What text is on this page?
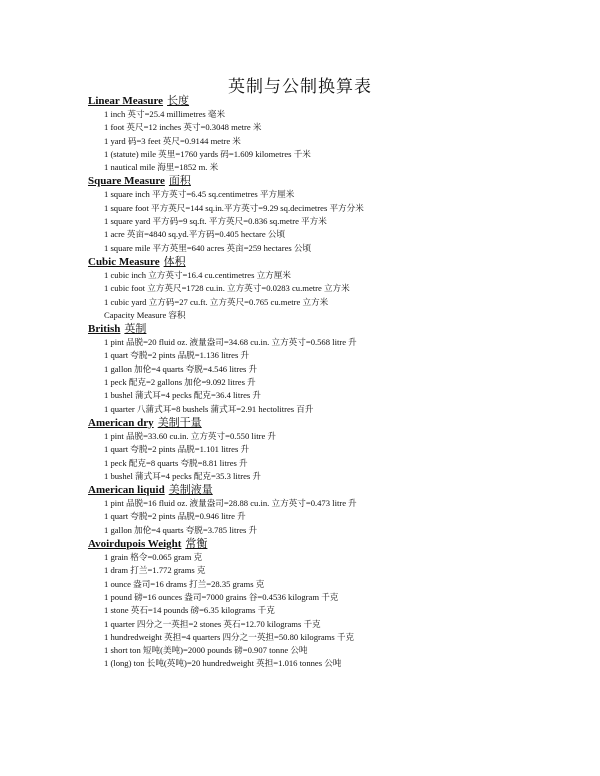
英制与公制换算表
Linear Measure 长度
1 inch 英寸=25.4 millimetres 毫米
1 foot 英尺=12 inches 英寸=0.3048 metre 米
1 yard 码=3 feet 英尺=0.9144 metre 米
1 (statute) mile 英里=1760 yards 码=1.609 kilometres 千米
1 nautical mile 海里=1852 m. 米
Square Measure 面积
1 square inch 平方英寸=6.45 sq.centimetres 平方厘米
1 square foot 平方英尺=144 sq.in.平方英寸=9.29 sq.decimetres 平方分米
1 square yard 平方码=9 sq.ft. 平方英尺=0.836 sq.metre 平方米
1 acre 英亩=4840 sq.yd.平方码=0.405 hectare 公顷
1 square mile 平方英里=640 acres 英亩=259 hectares 公顷
Cubic Measure 体积
1 cubic inch 立方英寸=16.4 cu.centimetres 立方厘米
1 cubic foot 立方英尺=1728 cu.in. 立方英寸=0.0283 cu.metre 立方米
1 cubic yard 立方码=27 cu.ft. 立方英尺=0.765 cu.metre 立方米
Capacity Measure 容积
British 英制
1 pint 品脱=20 fluid oz. 液量盎司=34.68 cu.in. 立方英寸=0.568 litre 升
1 quart 夸脱=2 pints 品脱=1.136 litres 升
1 gallon 加伦=4 quarts 夸脱=4.546 litres 升
1 peck 配克=2 gallons 加伦=9.092 litres 升
1 bushel 蒲式耳=4 pecks 配克=36.4 litres 升
1 quarter 八蒲式耳=8 bushels 蒲式耳=2.91 hectolitres 百升
American dry 美制干量
1 pint 品脱=33.60 cu.in. 立方英寸=0.550 litre 升
1 quart 夸脱=2 pints 品脱=1.101 litres 升
1 peck 配克=8 quarts 夸脱=8.81 litres 升
1 bushel 蒲式耳=4 pecks 配克=35.3 litres 升
American liquid 美制液量
1 pint 品脱=16 fluid oz. 液量盎司=28.88 cu.in. 立方英寸=0.473 litre 升
1 quart 夸脱=2 pints 品脱=0.946 litre 升
1 gallon 加伦=4 quarts 夸脱=3.785 litres 升
Avoirdupois Weight 常衡
1 grain 格令=0.065 gram 克
1 dram 打兰=1.772 grams 克
1 ounce 盎司=16 drams 打兰=28.35 grams 克
1 pound 磅=16 ounces 盎司=7000 grains 谷=0.4536 kilogram 千克
1 stone 英石=14 pounds 磅=6.35 kilograms 千克
1 quarter 四分之一英担=2 stones 英石=12.70 kilograms 千克
1 hundredweight 英担=4 quarters 四分之一英担=50.80 kilograms 千克
1 short ton 短吨(美吨)=2000 pounds 磅=0.907 tonne 公吨
1 (long) ton 长吨(英吨)=20 hundredweight 英担=1.016 tonnes 公吨
